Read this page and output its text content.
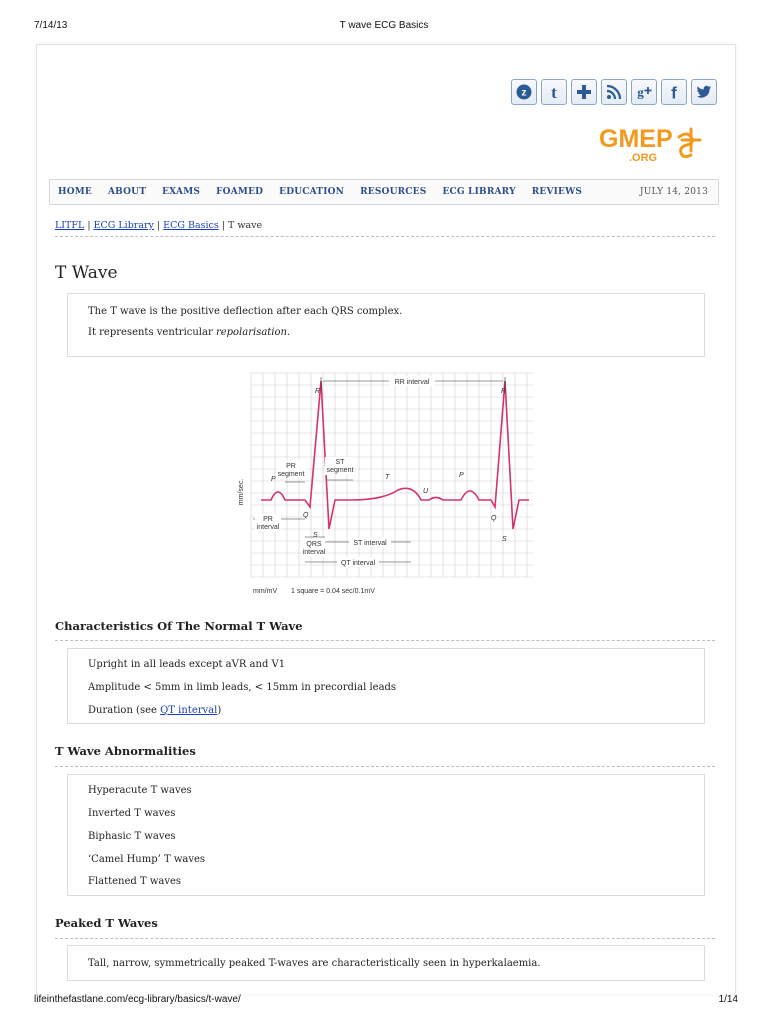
7/14/13	T wave ECG Basics
z t	g f
GMEP
.ORG
HOME ABOUT EXAMS FOAMED EDUCATION RESOURCES ECG LIBRARY REVIEWS	JULY 14, 2013
LITFL | ECG Library | ECG Basics | T wave
T Wave

The T wave is the positive deflection after each QRS complex.

It represents ventricular repolarisation.

mm/sec.
RR interval
R	R
P
P
T
U
Q	Q
S
S
PR
segment
ST
segment
PR
interval
QRS
interval
ST interval
QT interval
mm/mV 1 square = 0.04 sec/0.1mV
Characteristics Of The Normal T Wave

Upright in all leads except aVR and V1

Amplitude < 5mm in limb leads, < 15mm in precordial leads

Duration (see QT interval)

T Wave Abnormalities

Hyperacute T waves

Inverted T waves

Biphasic T waves

‘Camel Hump’ T waves

Flattened T waves

Peaked T Waves

Tall, narrow, symmetrically peaked T-waves are characteristically seen in hyperkalaemia.

lifeinthefastlane.com/ecg-library/basics/t-wave/	1/14
